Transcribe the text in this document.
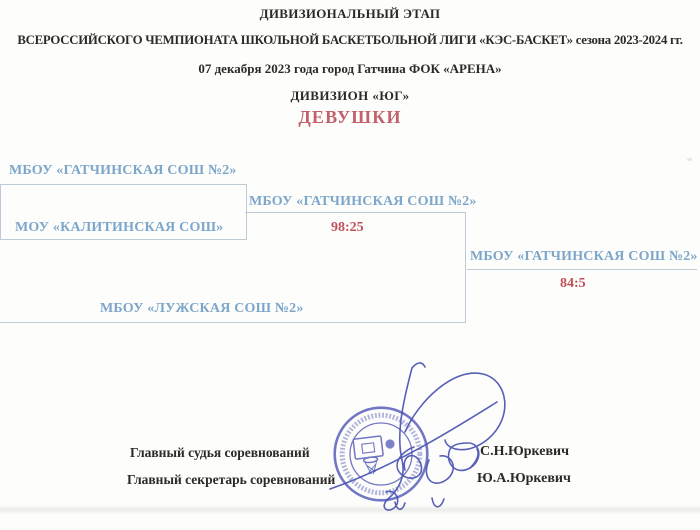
ДИВИЗИОНАЛЬНЫЙ ЭТАП
ВСЕРОССИЙСКОГО ЧЕМПИОНАТА ШКОЛЬНОЙ БАСКЕТБОЛЬНОЙ ЛИГИ «КЭС-БАСКЕТ» сезона 2023-2024 гг.
07 декабря 2023 года город Гатчина ФОК «АРЕНА»
ДИВИЗИОН «ЮГ»
ДЕВУШКИ
МБОУ «ГАТЧИНСКАЯ СОШ №2»
МБОУ «ГАТЧИНСКАЯ СОШ №2»
МОУ «КАЛИТИНСКАЯ СОШ»	98:25
МБОУ «ГАТЧИНСКАЯ СОШ №2»
84:5
МБОУ «ЛУЖСКАЯ СОШ №2»
Главный судья соревнований	С.Н.Юркевич
Главный секретарь соревнований	Ю.А.Юркевич
